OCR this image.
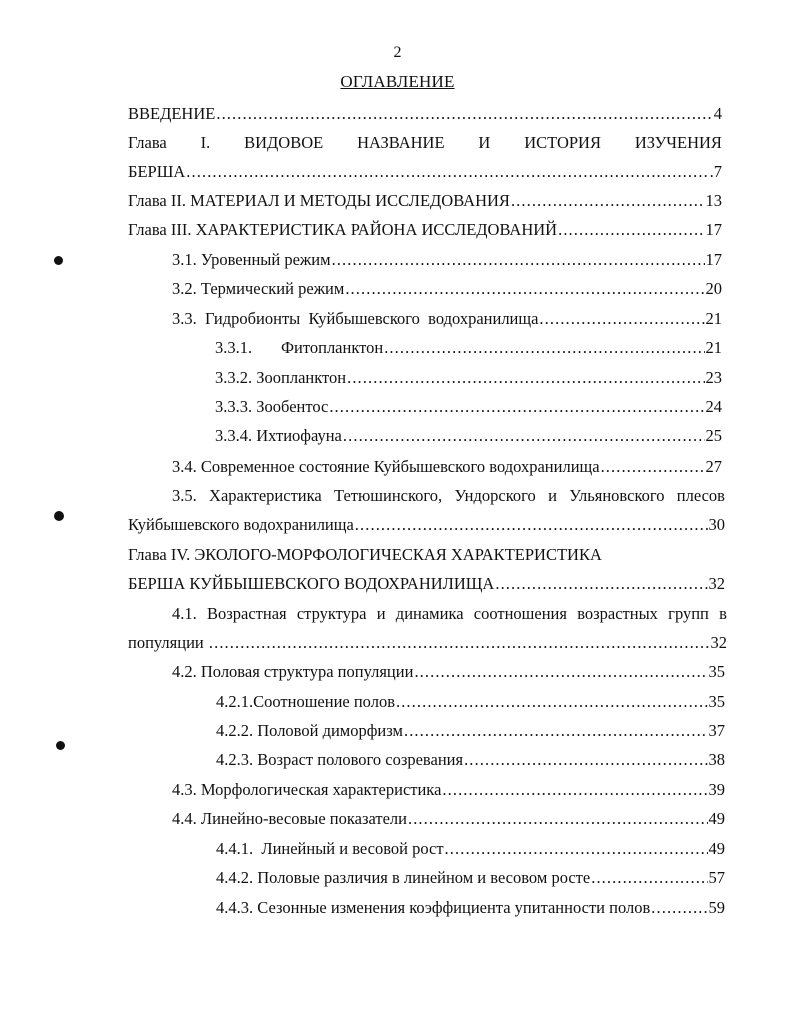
2
ОГЛАВЛЕНИЕ
ВВЕДЕНИЕ .....	4
Глава I. ВИДОВОЕ НАЗВАНИЕ И ИСТОРИЯ ИЗУЧЕНИЯ
БЕРША .....	.7
Глава II. МАТЕРИАЛ И МЕТОДЫ ИССЛЕДОВАНИЯ .....	13
Глава III. ХАРАКТЕРИСТИКА РАЙОНА ИССЛЕДОВАНИЙ .....	17
3.1. Уровенный режим .....	17
3.2. Термический режим .....	20
3.3.  Гидробионты  Куйбышевского  водохранилища .....	21
3.3.1.       Фитопланктон .....	21
3.3.2. Зоопланктон .....	23
3.3.3. Зообентос .....	24
3.3.4. Ихтиофауна .....	25
3.4. Современное состояние Куйбышевского водохранилища .....	27
3.5. Характеристика Тетюшинского, Ундорского и Ульяновского плесов
Куйбышевского водохранилища .....	30
Глава IV. ЭКОЛОГО-МОРФОЛОГИЧЕСКАЯ ХАРАКТЕРИСТИКА
БЕРША КУЙБЫШЕВСКОГО ВОДОХРАНИЛИЩА .....	32
4.1. Возрастная структура и динамика соотношения возрастных групп в
популяции .....	32
4.2. Половая структура популяции .....	35
4.2.1.Соотношение полов .....	35
4.2.2. Половой диморфизм .....	37
4.2.3. Возраст полового созревания .....	38
4.3. Морфологическая характеристика .....	39
4.4. Линейно-весовые показатели .....	49
4.4.1.  Линейный и весовой рост .....	49
4.4.2. Половые различия в линейном и весовом росте .....	57
4.4.3. Сезонные изменения коэффициента упитанности полов .....	59
